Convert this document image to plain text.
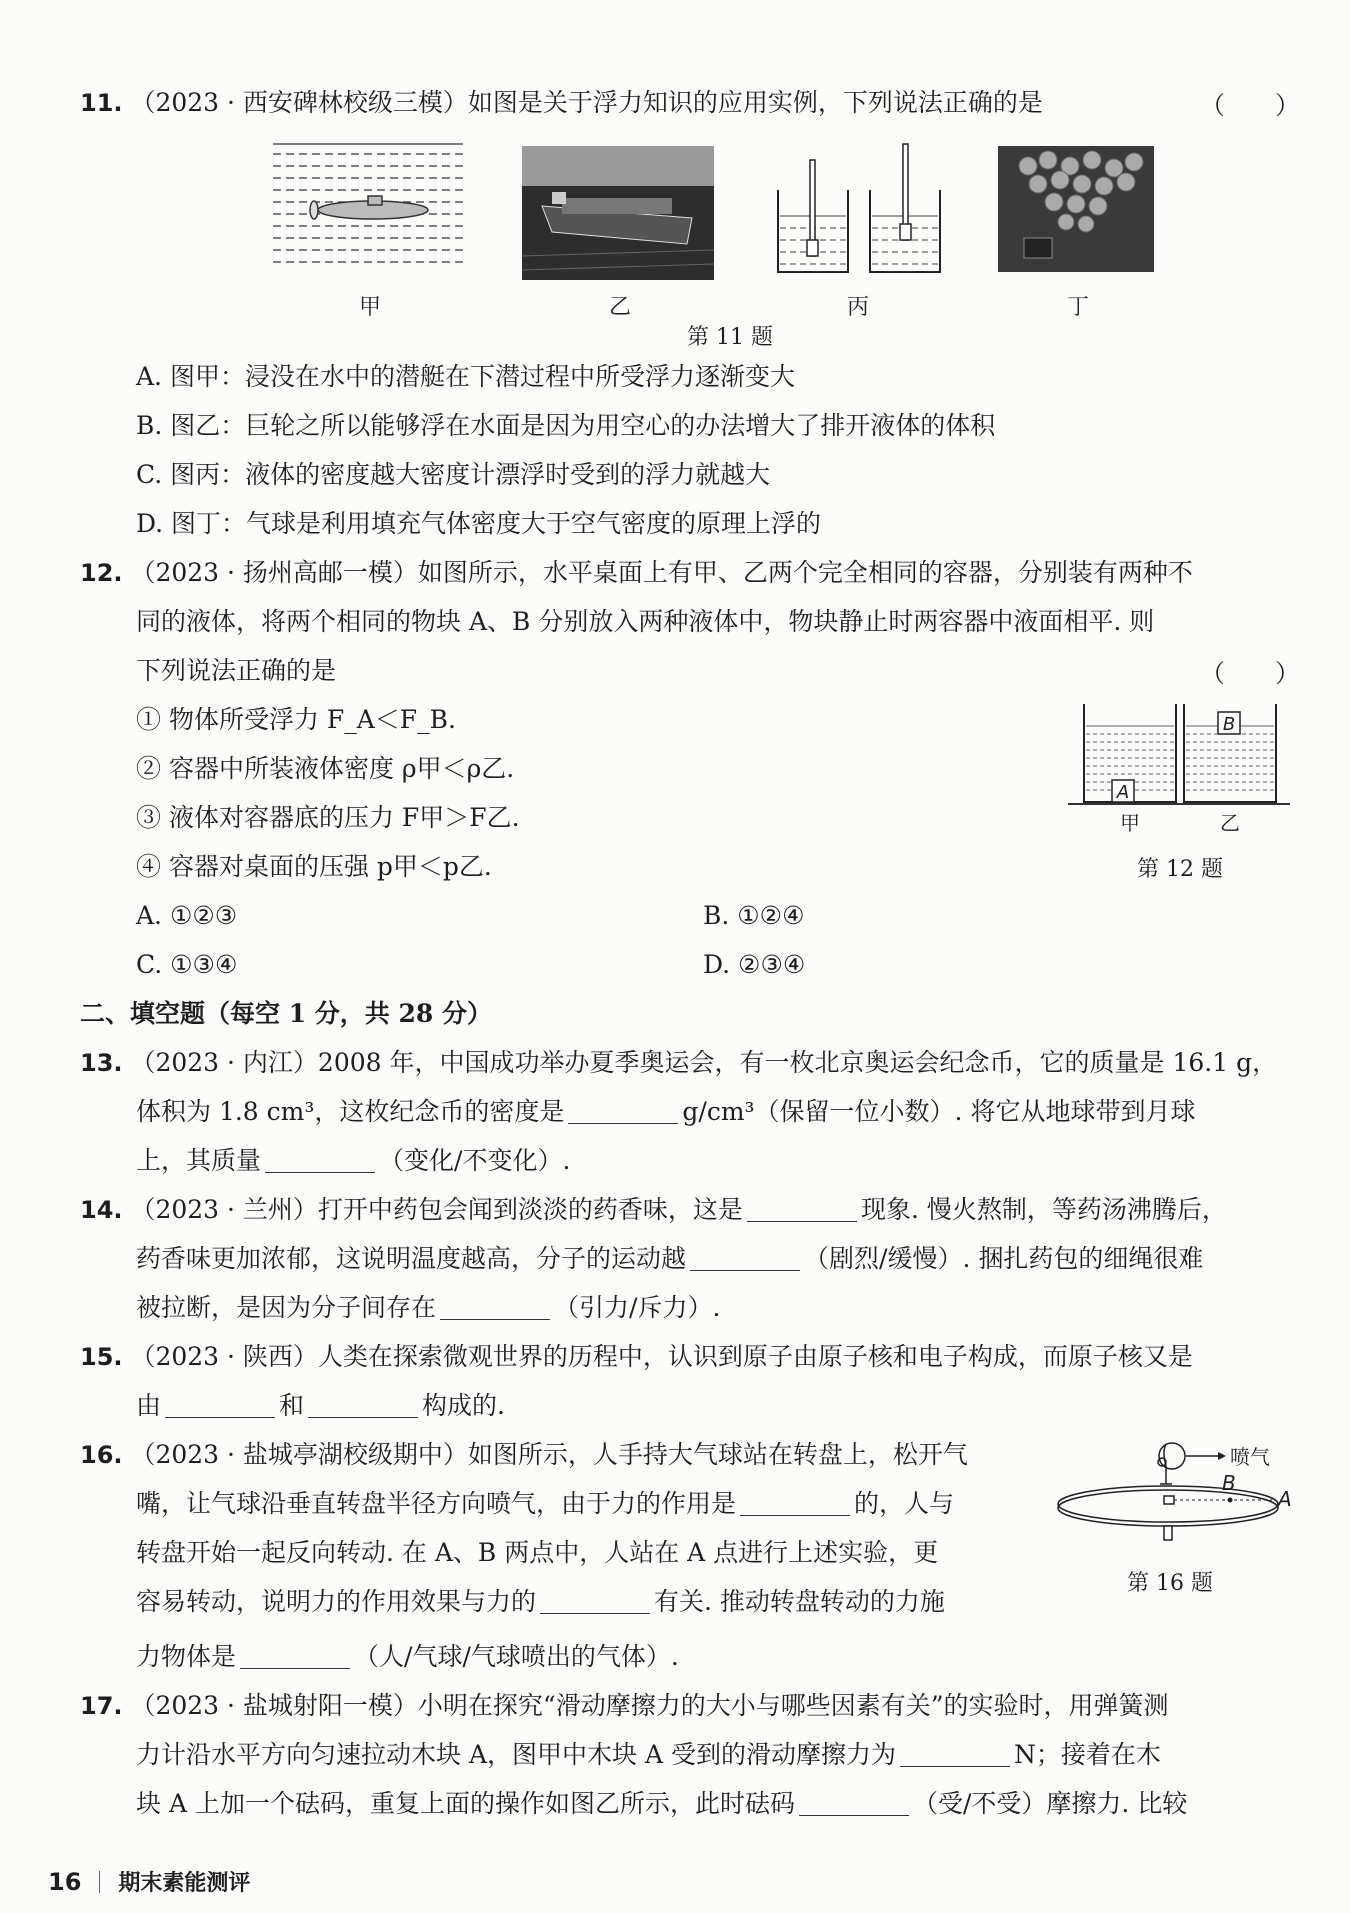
11. （2023 · 西安碑林校级三模）如图是关于浮力知识的应用实例，下列说法正确的是	（　　）
甲	乙	丙	丁
第 11 题
A. 图甲：浸没在水中的潜艇在下潜过程中所受浮力逐渐变大
B. 图乙：巨轮之所以能够浮在水面是因为用空心的办法增大了排开液体的体积
C. 图丙：液体的密度越大密度计漂浮时受到的浮力就越大
D. 图丁：气球是利用填充气体密度大于空气密度的原理上浮的
12. （2023 · 扬州高邮一模）如图所示，水平桌面上有甲、乙两个完全相同的容器，分别装有两种不
同的液体，将两个相同的物块 A、B 分别放入两种液体中，物块静止时两容器中液面相平. 则
下列说法正确的是	（　　）
① 物体所受浮力 F_A＜F_B.
② 容器中所装液体密度 ρ甲＜ρ乙.
③ 液体对容器底的压力 F甲＞F乙.
④ 容器对桌面的压强 p甲＜p乙.
A
B
甲	乙
第 12 题
A. ①②③	B. ①②④
C. ①③④	D. ②③④
二、填空题（每空 1 分，共 28 分）
13. （2023 · 内江）2008 年，中国成功举办夏季奥运会，有一枚北京奥运会纪念币，它的质量是 16.1 g，
体积为 1.8 cm³，这枚纪念币的密度是	g/cm³（保留一位小数）. 将它从地球带到月球
上，其质量	（变化/不变化）.
14. （2023 · 兰州）打开中药包会闻到淡淡的药香味，这是	现象. 慢火熬制，等药汤沸腾后，
药香味更加浓郁，这说明温度越高，分子的运动越	（剧烈/缓慢）. 捆扎药包的细绳很难
被拉断，是因为分子间存在	（引力/斥力）.
15. （2023 · 陕西）人类在探索微观世界的历程中，认识到原子由原子核和电子构成，而原子核又是
由	和	构成的.
16. （2023 · 盐城亭湖校级期中）如图所示，人手持大气球站在转盘上，松开气
嘴，让气球沿垂直转盘半径方向喷气，由于力的作用是	的，人与
转盘开始一起反向转动. 在 A、B 两点中，人站在 A 点进行上述实验，更
容易转动，说明力的作用效果与力的	有关. 推动转盘转动的力施
力物体是	（人/气球/气球喷出的气体）.
喷气
B
A
第 16 题
17. （2023 · 盐城射阳一模）小明在探究“滑动摩擦力的大小与哪些因素有关”的实验时，用弹簧测
力计沿水平方向匀速拉动木块 A，图甲中木块 A 受到的滑动摩擦力为	N；接着在木
块 A 上加一个砝码，重复上面的操作如图乙所示，此时砝码	（受/不受）摩擦力. 比较
16 期末素能测评
